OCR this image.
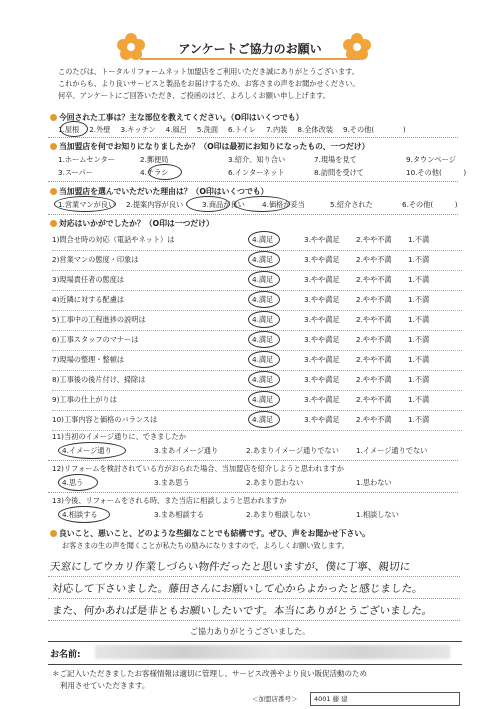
アンケートご協力のお願い
このたびは、トータルリフォームネット加盟店をご利用いただき誠にありがとうございます。
これからも、より良いサービスと製品をお届けするため、お客さまの声をお聞かせください。
何卒、アンケートにご回答いただき、ご投函のほど、よろしくお願い申し上げます。
今回された工事は？主な部位を教えてください。（O印はいくつでも）
1.屋根 2.外壁 3.キッチン 4.風呂 5.洗面 6.トイレ 7.内装 8.全体改装 9.その他(　　　　)
当加盟店を何でお知りになりましたか？（O印は最初にお知りになったもの、一つだけ）
1.ホームセンター	2.郵便局	3.紹介、知り合い	7.現場を見て	9.タウンページ
3.スーパー	4.チラシ	6.インターネット	8.訪問を受けて	10.その他(　　　)
当加盟店を選んでいただいた理由は？（O印はいくつでも）
1.営業マンが良い 2.提案内容が良い	3.商品が良い 4.価格が妥当	5.紹介された	6.その他(　　　)
対応はいかがでしたか？（O印は一つだけ）
1)問合せ時の対応（電話やネット）は	4.満足	3.やや満足 2.やや不満 1.不満
2)営業マンの態度・印象は	4.満足	3.やや満足 2.やや不満 1.不満
3)現場責任者の態度は	4.満足	3.やや満足 2.やや不満 1.不満
4)近隣に対する配慮は	4.満足	3.やや満足 2.やや不満 1.不満
5)工事中の工程進捗の説明は	4.満足	3.やや満足 2.やや不満 1.不満
6)工事スタッフのマナーは	4.満足	3.やや満足 2.やや不満 1.不満
7)現場の整理・整頓は	4.満足	3.やや満足 2.やや不満 1.不満
8)工事後の後片付け、掃除は	4.満足	3.やや満足 2.やや不満 1.不満
9)工事の仕上がりは	4.満足	3.やや満足 2.やや不満 1.不満
10)工事内容と価格のバランスは	4.満足	3.やや満足 2.やや不満 1.不満
11)当初のイメージ通りに、できましたか
4.イメージ通り	3.まあイメージ通り	2.あまりイメージ通りでない 1.イメージ通りでない
12)リフォームを検討されている方がおられた場合、当加盟店を紹介しようと思われますか
4.思う	3.まあ思う	2.あまり思わない	1.思わない
13)今後、リフォームをされる時、また当店に相談しようと思われますか
4.相談する	3.まあ相談する	2.あまり相談しない	1.相談しない
良いこと、悪いこと、どのような些細なことでも結構です。ぜひ、声をお聞かせ下さい。
お客さまの生の声を聞くことが私たちの励みになりますので、よろしくお願い致します。
天窓にしてウカリ作業しづらい物件だったと思いますが、僕に丁寧、親切に
対応して下さいました。藤田さんにお願いして心からよかったと感じました。
また、何かあれば是非ともお願いしたいです。本当にありがとうございました。
ご協力ありがとうございました。
お名前:
＊ご記入いただきましたお客様情報は適切に管理し、サービス改善やより良い販促活動のため
利用させていただきます。
＜加盟店番号＞	4001 藤 建
